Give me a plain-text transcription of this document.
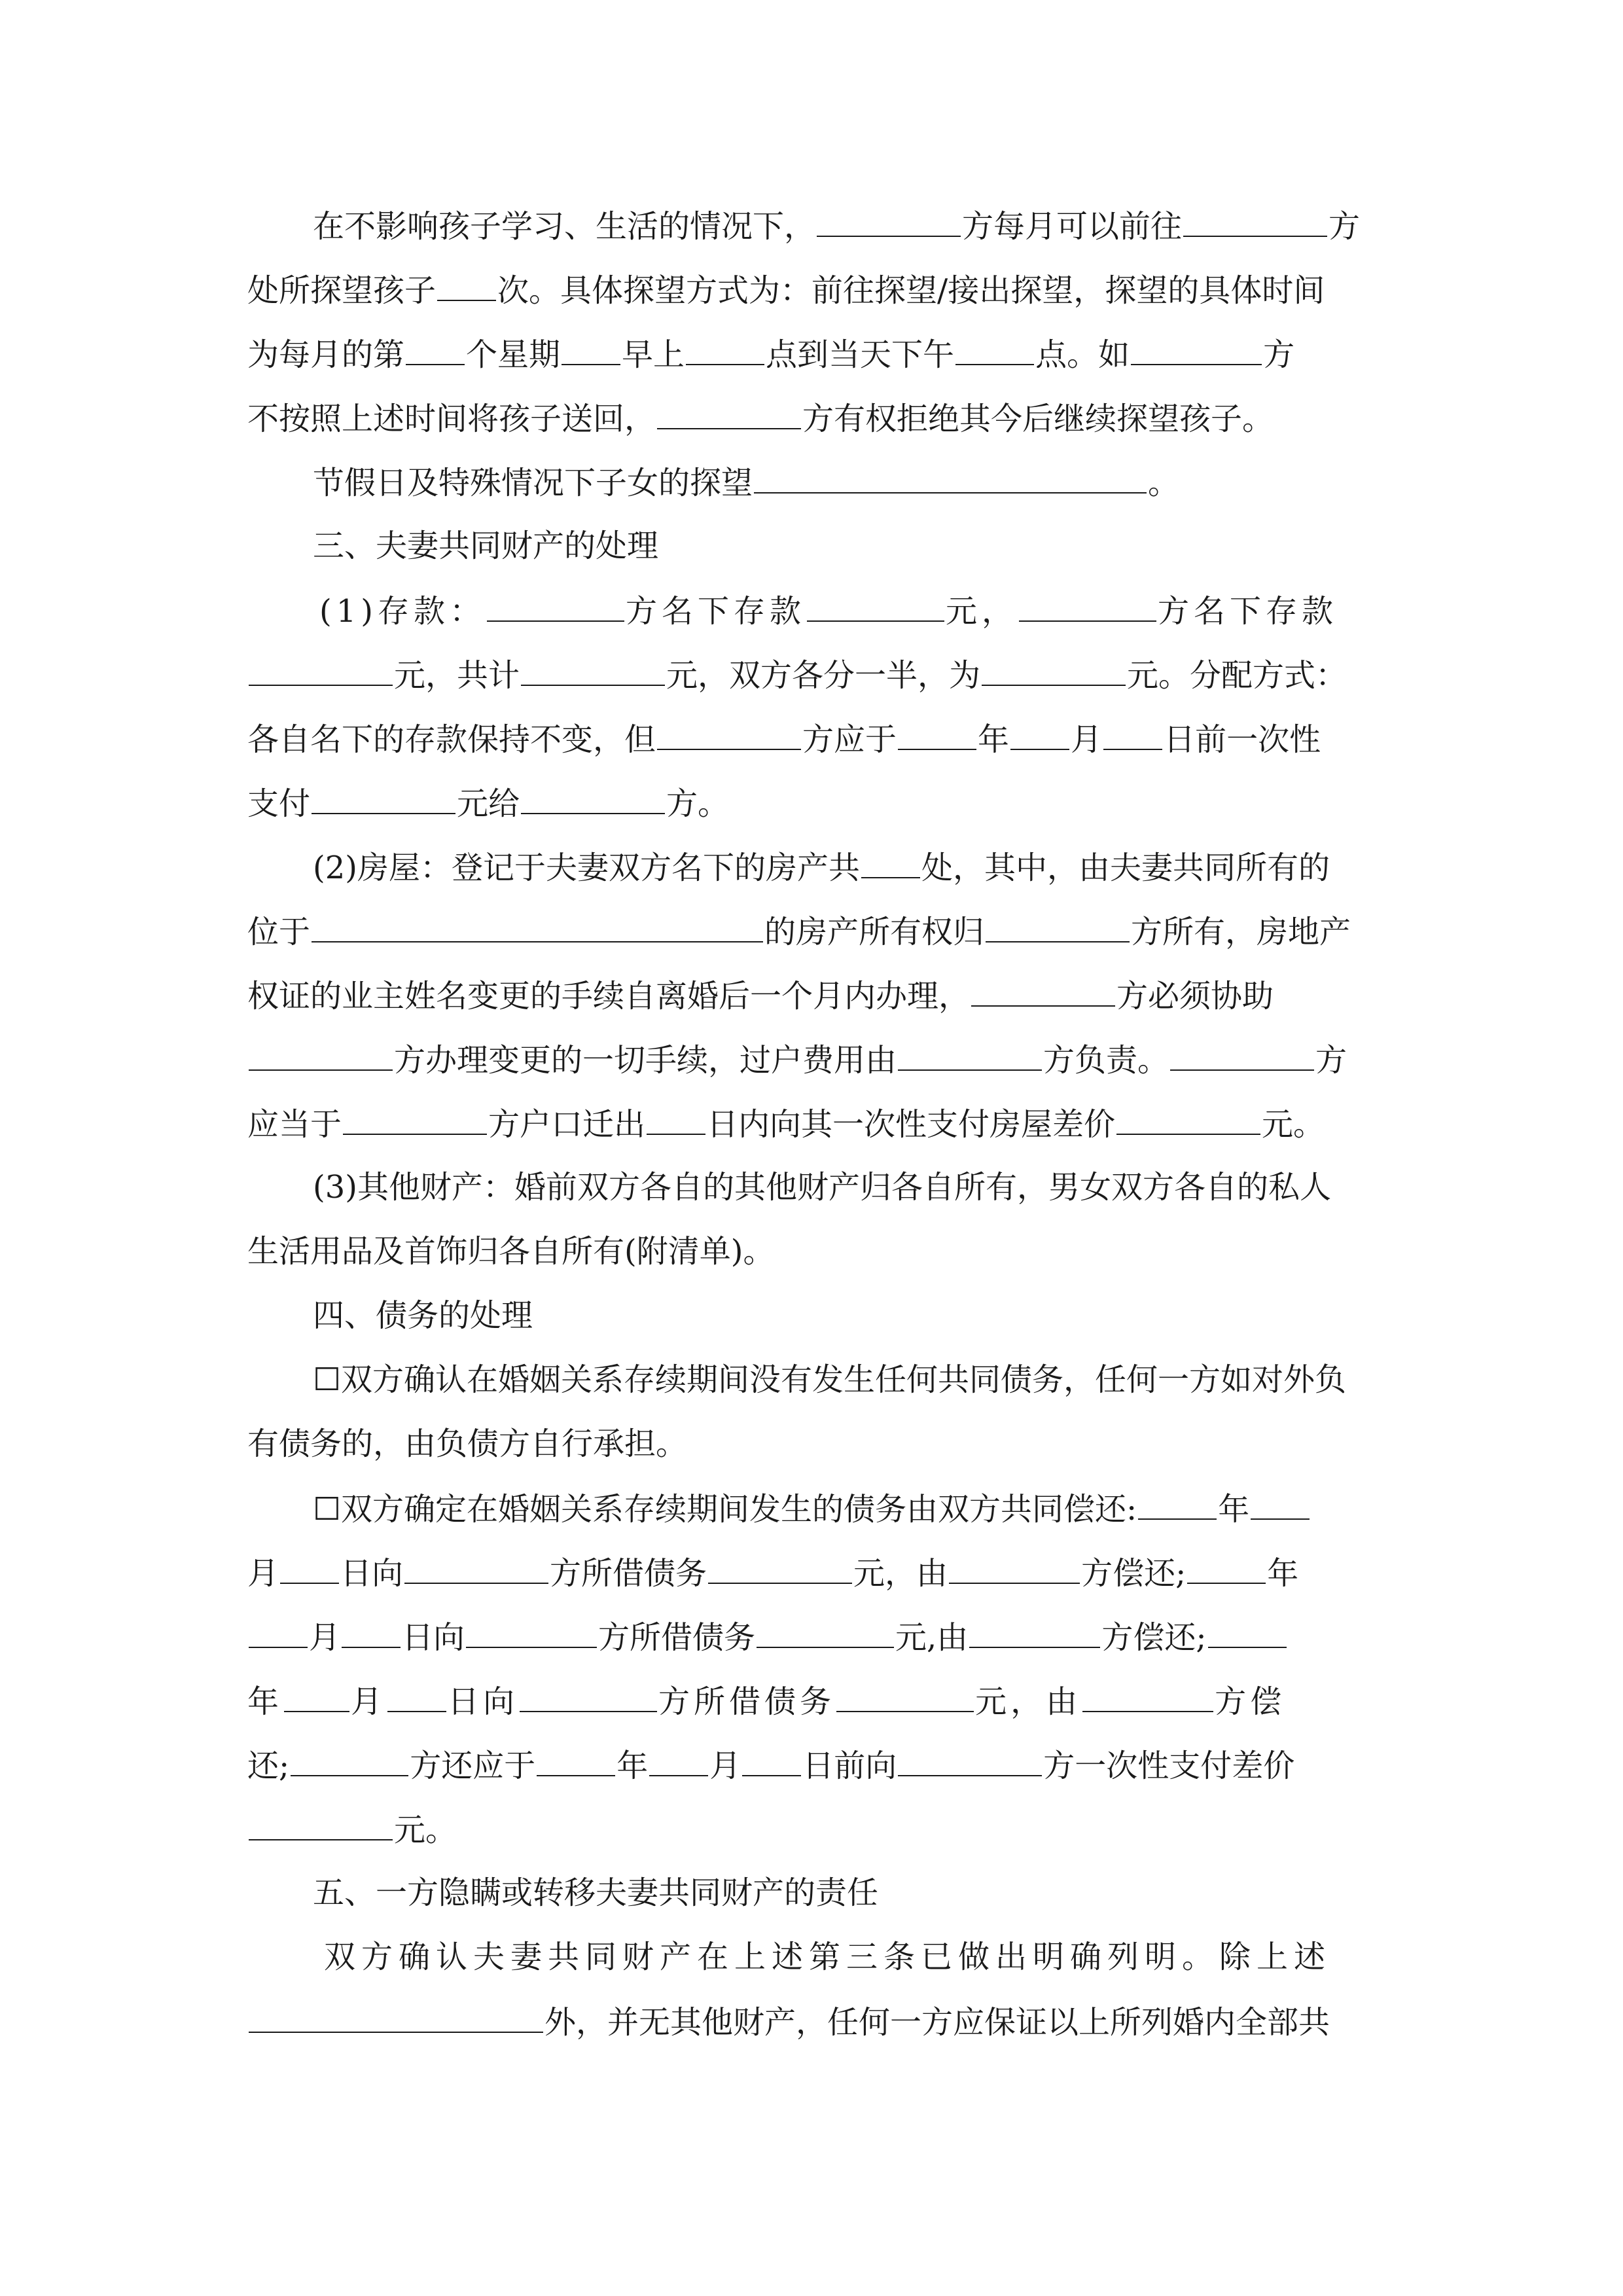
在不影响孩子学习、生活的情况下，	方每月可以前往	方
处所探望孩子 次。具体探望方式为：前往探望/接出探望，探望的具体时间
为每月的第 个星期 早上	点到当天下午	点。如	方
不按照上述时间将孩子送回，	方有权拒绝其今后继续探望孩子。
节假日及特殊情况下子女的探望	。
三、夫妻共同财产的处理
(1)存款：	方名下存款	元，	方名下存款
元，共计	元，双方各分一半，为	元。分配方式：
各自名下的存款保持不变，但	方应于	年 月 日前一次性
支付	元给	方。
(2)房屋：登记于夫妻双方名下的房产共 处，其中，由夫妻共同所有的
位于	的房产所有权归	方所有，房地产
权证的业主姓名变更的手续自离婚后一个月内办理，	方必须协助
方办理变更的一切手续，过户费用由	方负责。	方
应当于	方户口迁出 日内向其一次性支付房屋差价	元。
(3)其他财产：婚前双方各自的其他财产归各自所有，男女双方各自的私人
生活用品及首饰归各自所有(附清单)。
四、债务的处理
☐双方确认在婚姻关系存续期间没有发生任何共同债务，任何一方如对外负
有债务的，由负债方自行承担。
☐双方确定在婚姻关系存续期间发生的债务由双方共同偿还:	年
月 日向	方所借债务	元，由	方偿还;	年
月 日向	方所借债务	元,由	方偿还;
年 月 日向	方所借债务	元，由	方偿
还;	方还应于	年 月 日前向	方一次性支付差价
元。
五、一方隐瞒或转移夫妻共同财产的责任
双方确认夫妻共同财产在上述第三条已做出明确列明。除上述
外，并无其他财产，任何一方应保证以上所列婚内全部共
